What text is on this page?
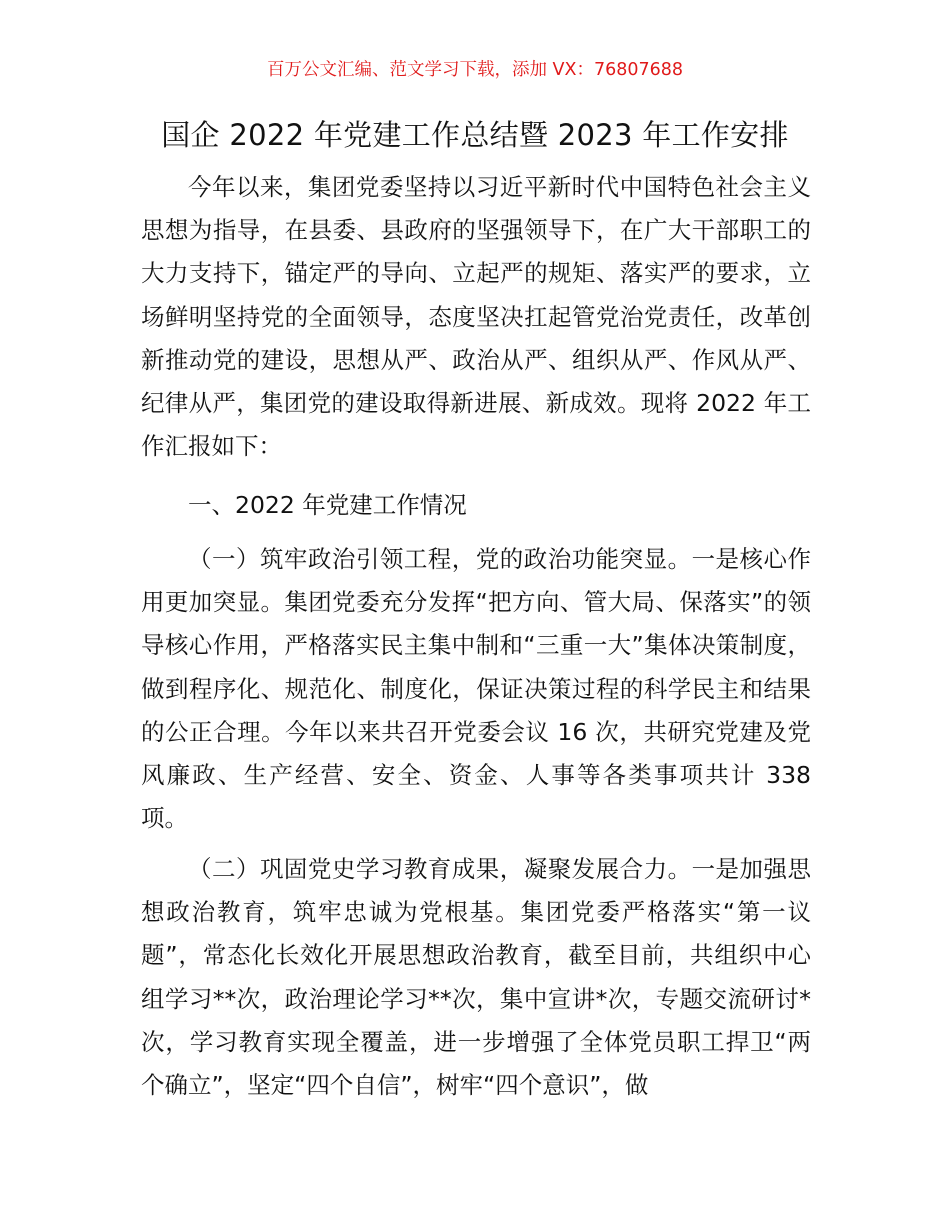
百万公文汇编、范文学习下载，添加 VX：76807688
国企 2022 年党建工作总结暨 2023 年工作安排

今年以来，集团党委坚持以习近平新时代中国特色社会主义思想为指导，在县委、县政府的坚强领导下，在广大干部职工的大力支持下，锚定严的导向、立起严的规矩、落实严的要求，立场鲜明坚持党的全面领导，态度坚决扛起管党治党责任，改革创新推动党的建设，思想从严、政治从严、组织从严、作风从严、纪律从严，集团党的建设取得新进展、新成效。现将 2022 年工作汇报如下：

一、2022 年党建工作情况

（一）筑牢政治引领工程，党的政治功能突显。一是核心作用更加突显。集团党委充分发挥“把方向、管大局、保落实”的领导核心作用，严格落实民主集中制和“三重一大”集体决策制度，做到程序化、规范化、制度化，保证决策过程的科学民主和结果的公正合理。今年以来共召开党委会议 16 次，共研究党建及党风廉政、生产经营、安全、资金、人事等各类事项共计 338 项。

（二）巩固党史学习教育成果，凝聚发展合力。一是加强思想政治教育，筑牢忠诚为党根基。集团党委严格落实“第一议题”，常态化长效化开展思想政治教育，截至目前，共组织中心组学习**次，政治理论学习**次，集中宣讲*次，专题交流研讨*次，学习教育实现全覆盖，进一步增强了全体党员职工捍卫“两个确立”，坚定“四个自信”，树牢“四个意识”，做
